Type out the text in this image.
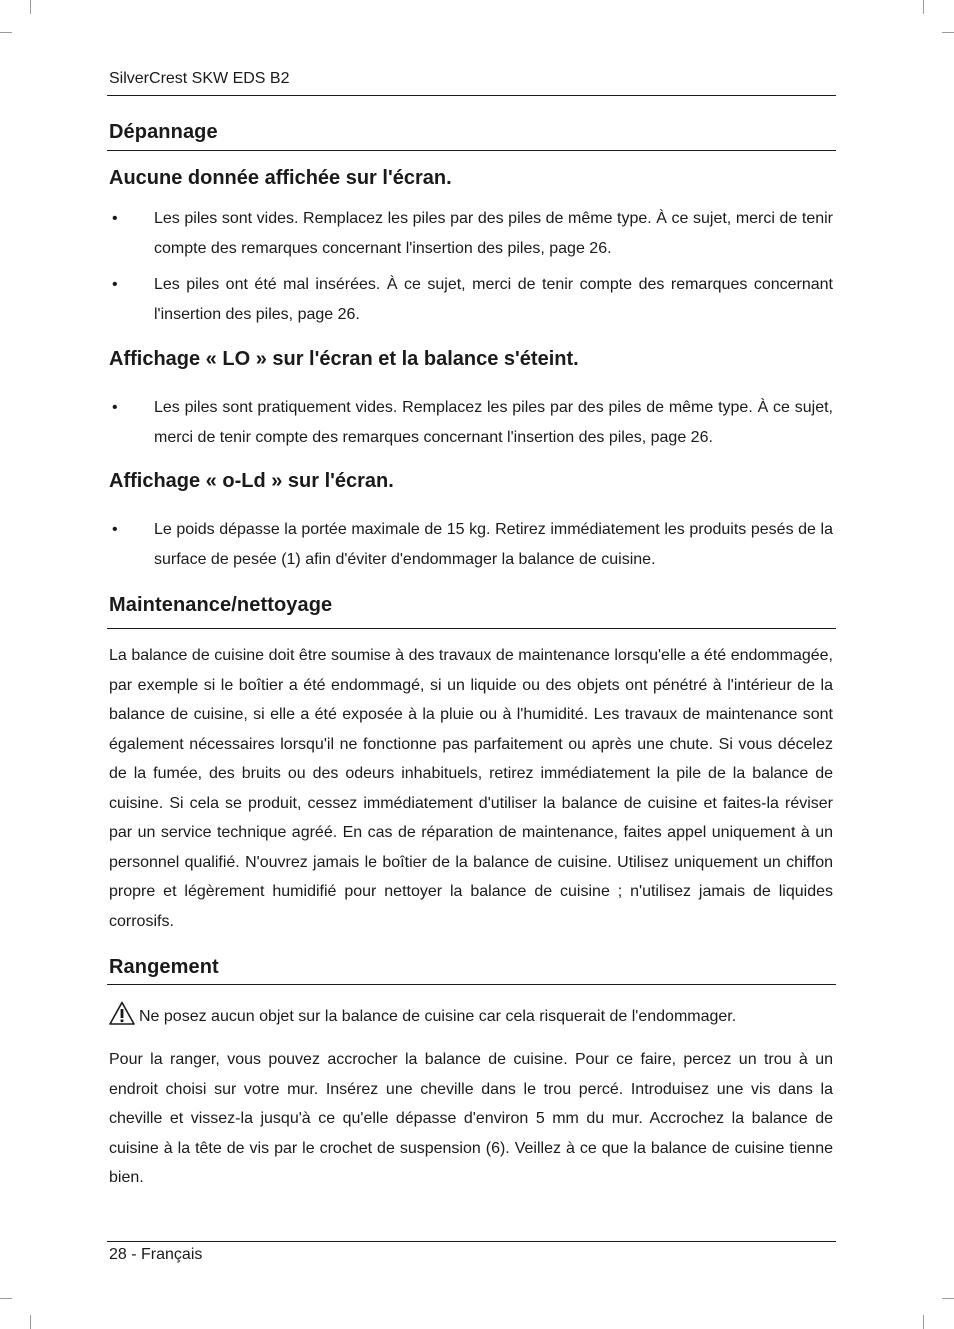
SilverCrest SKW EDS B2
Dépannage
Aucune donnée affichée sur l'écran.
• Les piles sont vides. Remplacez les piles par des piles de même type. À ce sujet, merci de tenir compte des remarques concernant l'insertion des piles, page 26.
• Les piles ont été mal insérées. À ce sujet, merci de tenir compte des remarques concernant l'insertion des piles, page 26.
Affichage « LO » sur l'écran et la balance s'éteint.
• Les piles sont pratiquement vides. Remplacez les piles par des piles de même type. À ce sujet, merci de tenir compte des remarques concernant l'insertion des piles, page 26.
Affichage « o-Ld » sur l'écran.
• Le poids dépasse la portée maximale de 15 kg. Retirez immédiatement les produits pesés de la surface de pesée (1) afin d'éviter d'endommager la balance de cuisine.
Maintenance/nettoyage
La balance de cuisine doit être soumise à des travaux de maintenance lorsqu'elle a été endommagée, par exemple si le boîtier a été endommagé, si un liquide ou des objets ont pénétré à l'intérieur de la balance de cuisine, si elle a été exposée à la pluie ou à l'humidité. Les travaux de maintenance sont également nécessaires lorsqu'il ne fonctionne pas parfaitement ou après une chute. Si vous décelez de la fumée, des bruits ou des odeurs inhabituels, retirez immédiatement la pile de la balance de cuisine. Si cela se produit, cessez immédiatement d'utiliser la balance de cuisine et faites-la réviser par un service technique agréé. En cas de réparation de maintenance, faites appel uniquement à un personnel qualifié. N'ouvrez jamais le boîtier de la balance de cuisine. Utilisez uniquement un chiffon propre et légèrement humidifié pour nettoyer la balance de cuisine ; n'utilisez jamais de liquides corrosifs.
Rangement
Ne posez aucun objet sur la balance de cuisine car cela risquerait de l'endommager.
Pour la ranger, vous pouvez accrocher la balance de cuisine. Pour ce faire, percez un trou à un endroit choisi sur votre mur. Insérez une cheville dans le trou percé. Introduisez une vis dans la cheville et vissez-la jusqu'à ce qu'elle dépasse d'environ 5 mm du mur. Accrochez la balance de cuisine à la tête de vis par le crochet de suspension (6). Veillez à ce que la balance de cuisine tienne bien.
28 - Français
